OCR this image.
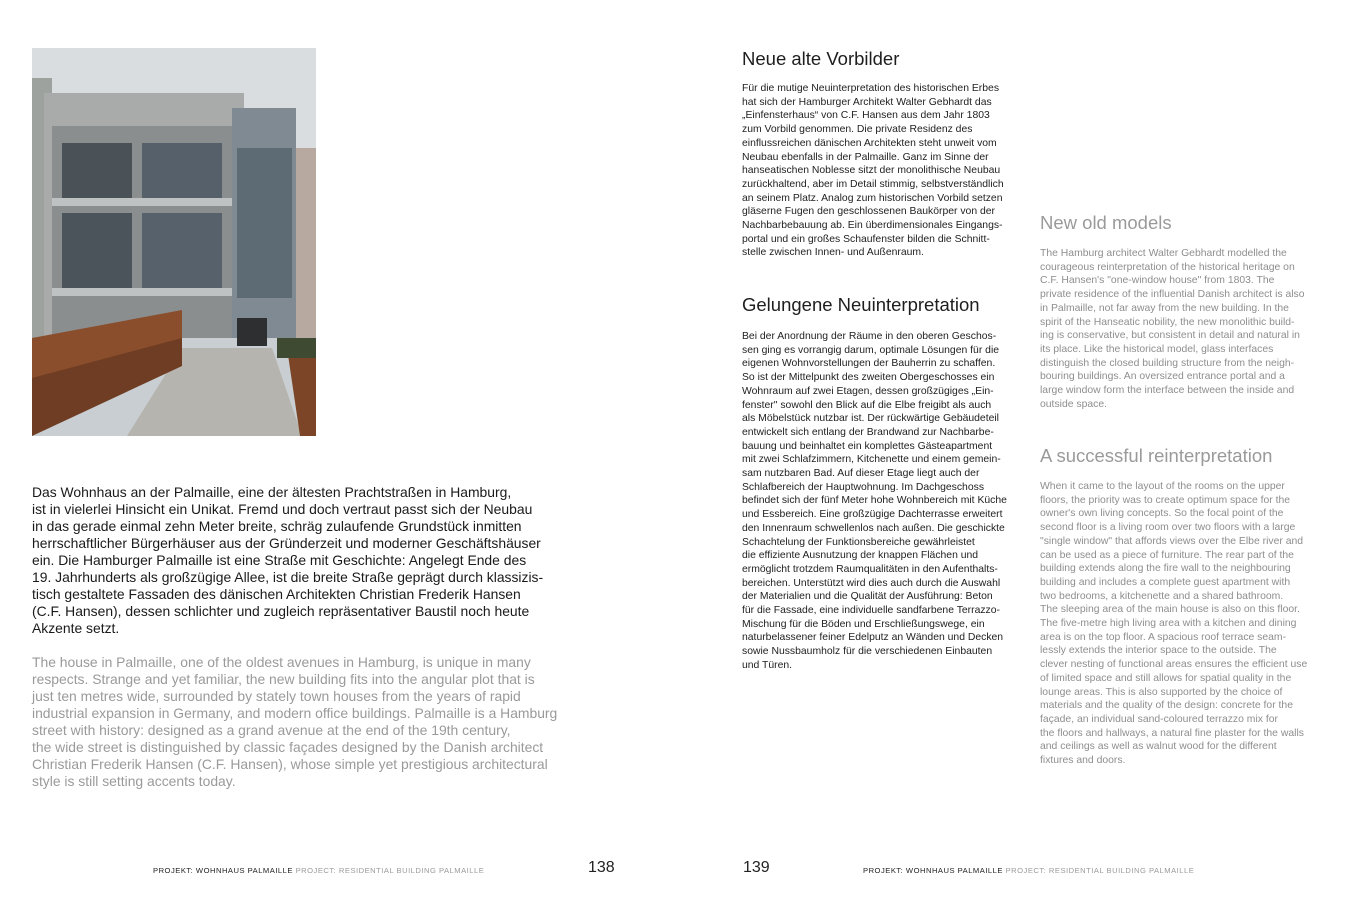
Das Wohnhaus an der Palmaille, eine der ältesten Prachtstraßen in Hamburg,
ist in vielerlei Hinsicht ein Unikat. Fremd und doch vertraut passt sich der Neubau
in das gerade einmal zehn Meter breite, schräg zulaufende Grundstück inmitten
herrschaftlicher Bürgerhäuser aus der Gründerzeit und moderner Geschäftshäuser
ein. Die Hamburger Palmaille ist eine Straße mit Geschichte: Angelegt Ende des
19. Jahrhunderts als großzügige Allee, ist die breite Straße geprägt durch klassizis-
tisch gestaltete Fassaden des dänischen Architekten Christian Frederik Hansen
(C.F. Hansen), dessen schlichter und zugleich repräsentativer Baustil noch heute
Akzente setzt.
The house in Palmaille, one of the oldest avenues in Hamburg, is unique in many
respects. Strange and yet familiar, the new building fits into the angular plot that is
just ten metres wide, surrounded by stately town houses from the years of rapid
industrial expansion in Germany, and modern office buildings. Palmaille is a Hamburg
street with history: designed as a grand avenue at the end of the 19th century,
the wide street is distinguished by classic façades designed by the Danish architect
Christian Frederik Hansen (C.F. Hansen), whose simple yet prestigious architectural
style is still setting accents today.
Neue alte Vorbilder
Für die mutige Neuinterpretation des historischen Erbes
hat sich der Hamburger Architekt Walter Gebhardt das
„Einfensterhaus“ von C.F. Hansen aus dem Jahr 1803
zum Vorbild genommen. Die private Residenz des
einflussreichen dänischen Architekten steht unweit vom
Neubau ebenfalls in der Palmaille. Ganz im Sinne der
hanseatischen Noblesse sitzt der monolithische Neubau
zurückhaltend, aber im Detail stimmig, selbstverständlich
an seinem Platz. Analog zum historischen Vorbild setzen
gläserne Fugen den geschlossenen Baukörper von der
Nachbarbebauung ab. Ein überdimensionales Eingangs-
portal und ein großes Schaufenster bilden die Schnitt-
stelle zwischen Innen- und Außenraum.
Gelungene Neuinterpretation
Bei der Anordnung der Räume in den oberen Geschos-
sen ging es vorrangig darum, optimale Lösungen für die
eigenen Wohnvorstellungen der Bauherrin zu schaffen.
So ist der Mittelpunkt des zweiten Obergeschosses ein
Wohnraum auf zwei Etagen, dessen großzügiges „Ein-
fenster" sowohl den Blick auf die Elbe freigibt als auch
als Möbelstück nutzbar ist. Der rückwärtige Gebäudeteil
entwickelt sich entlang der Brandwand zur Nachbarbe-
bauung und beinhaltet ein komplettes Gästeapartment
mit zwei Schlafzimmern, Kitchenette und einem gemein-
sam nutzbaren Bad. Auf dieser Etage liegt auch der
Schlafbereich der Hauptwohnung. Im Dachgeschoss
befindet sich der fünf Meter hohe Wohnbereich mit Küche
und Essbereich. Eine großzügige Dachterrasse erweitert
den Innenraum schwellenlos nach außen. Die geschickte
Schachtelung der Funktionsbereiche gewährleistet
die effiziente Ausnutzung der knappen Flächen und
ermöglicht trotzdem Raumqualitäten in den Aufenthalts-
bereichen. Unterstützt wird dies auch durch die Auswahl
der Materialien und die Qualität der Ausführung: Beton
für die Fassade, eine individuelle sandfarbene Terrazzo-
Mischung für die Böden und Erschließungswege, ein
naturbelassener feiner Edelputz an Wänden und Decken
sowie Nussbaumholz für die verschiedenen Einbauten
und Türen.
New old models
The Hamburg architect Walter Gebhardt modelled the
courageous reinterpretation of the historical heritage on
C.F. Hansen's "one-window house" from 1803. The
private residence of the influential Danish architect is also
in Palmaille, not far away from the new building. In the
spirit of the Hanseatic nobility, the new monolithic build-
ing is conservative, but consistent in detail and natural in
its place. Like the historical model, glass interfaces
distinguish the closed building structure from the neigh-
bouring buildings. An oversized entrance portal and a
large window form the interface between the inside and
outside space.
A successful reinterpretation
When it came to the layout of the rooms on the upper
floors, the priority was to create optimum space for the
owner's own living concepts. So the focal point of the
second floor is a living room over two floors with a large
"single window" that affords views over the Elbe river and
can be used as a piece of furniture. The rear part of the
building extends along the fire wall to the neighbouring
building and includes a complete guest apartment with
two bedrooms, a kitchenette and a shared bathroom.
The sleeping area of the main house is also on this floor.
The five-metre high living area with a kitchen and dining
area is on the top floor. A spacious roof terrace seam-
lessly extends the interior space to the outside. The
clever nesting of functional areas ensures the efficient use
of limited space and still allows for spatial quality in the
lounge areas. This is also supported by the choice of
materials and the quality of the design: concrete for the
façade, an individual sand-coloured terrazzo mix for
the floors and hallways, a natural fine plaster for the walls
and ceilings as well as walnut wood for the different
fixtures and doors.
PROJEKT: WOHNHAUS PALMAILLE PROJECT: RESIDENTIAL BUILDING PALMAILLE	138	139	PROJEKT: WOHNHAUS PALMAILLE PROJECT: RESIDENTIAL BUILDING PALMAILLE
